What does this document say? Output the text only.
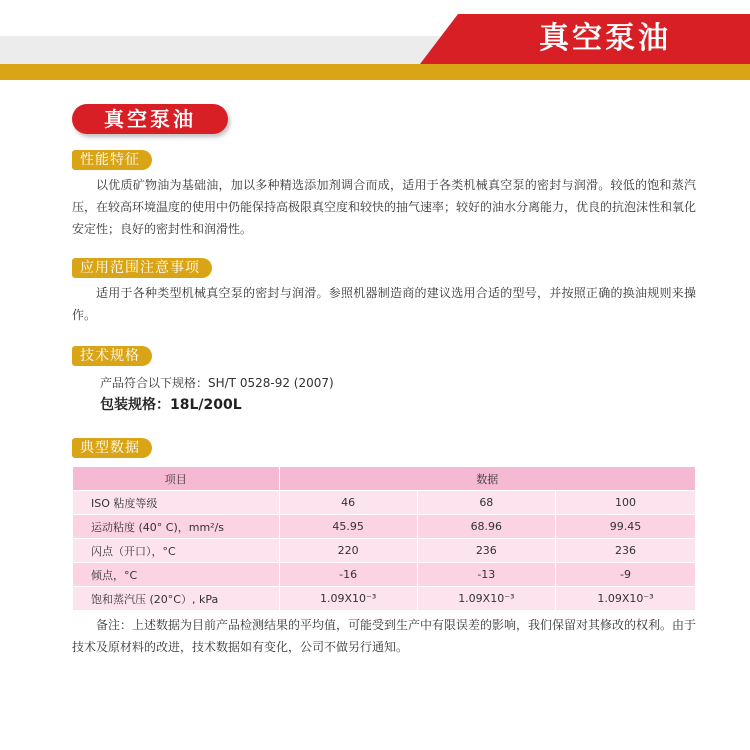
真空泵油
真空泵油
性能特征
以优质矿物油为基础油，加以多种精选添加剂调合而成，适用于各类机械真空泵的密封与润滑。较低的饱和蒸汽压，在较高环境温度的使用中仍能保持高极限真空度和较快的抽气速率；较好的油水分离能力，优良的抗泡沫性和氧化安定性；良好的密封性和润滑性。
应用范围注意事项
适用于各种类型机械真空泵的密封与润滑。参照机器制造商的建议选用合适的型号，并按照正确的换油规则来操作。
技术规格
产品符合以下规格：SH/T 0528-92 (2007)
包装规格：18L/200L
典型数据
项目	数据		
ISO 粘度等级	46	68	100
运动粘度 (40° C)，mm²/s	45.95	68.96	99.45
闪点（开口），°C	220	236	236
倾点，°C	-16	-13	-9
饱和蒸汽压 (20°C）, kPa	1.09X10⁻³	1.09X10⁻³	1.09X10⁻³
备注：上述数据为目前产品检测结果的平均值，可能受到生产中有限误差的影响，我们保留对其修改的权利。由于技术及原材料的改进，技术数据如有变化，公司不做另行通知。
